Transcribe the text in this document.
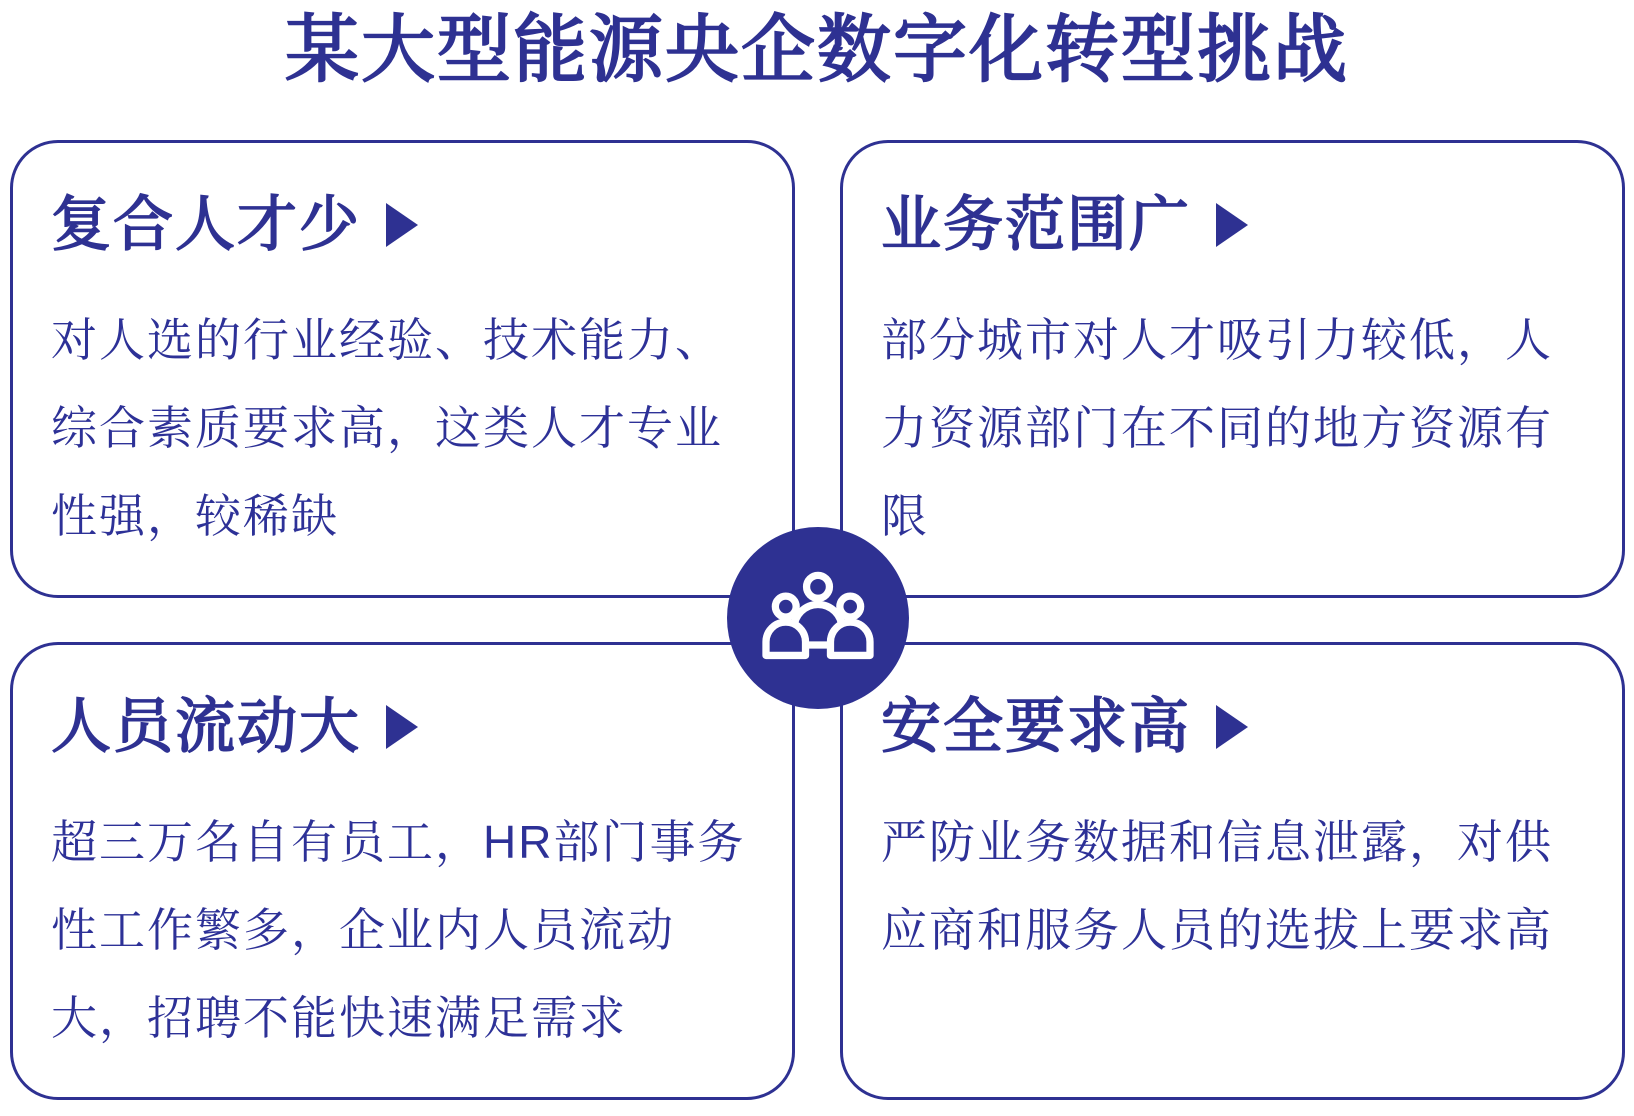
某大型能源央企数字化转型挑战
复合人才少

对人选的行业经验、技术能力、综合素质要求高，这类人才专业性强，较稀缺

业务范围广

部分城市对人才吸引力较低，人力资源部门在不同的地方资源有限

人员流动大

超三万名自有员工，HR部门事务性工作繁多，企业内人员流动大，招聘不能快速满足需求

安全要求高

严防业务数据和信息泄露，对供应商和服务人员的选拔上要求高
